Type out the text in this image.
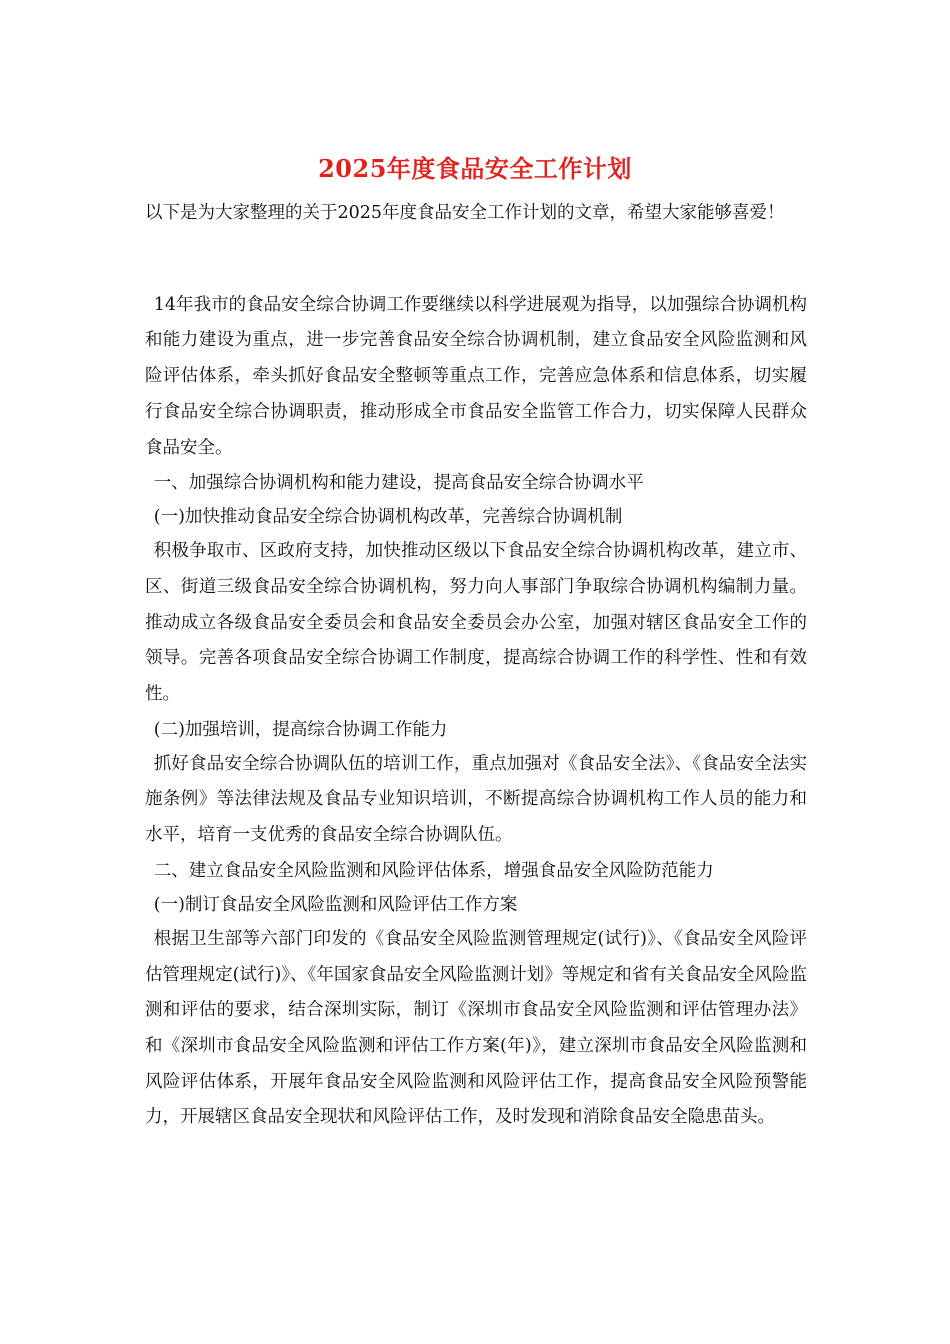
2025年度食品安全工作计划

以下是为大家整理的关于2025年度食品安全工作计划的文章，希望大家能够喜爱！

14年我市的食品安全综合协调工作要继续以科学进展观为指导，以加强综合协调机构和能力建设为重点，进一步完善食品安全综合协调机制，建立食品安全风险监测和风险评估体系，牵头抓好食品安全整顿等重点工作，完善应急体系和信息体系，切实履行食品安全综合协调职责，推动形成全市食品安全监管工作合力，切实保障人民群众食品安全。

一、加强综合协调机构和能力建设，提高食品安全综合协调水平

(一)加快推动食品安全综合协调机构改革，完善综合协调机制

积极争取市、区政府支持，加快推动区级以下食品安全综合协调机构改革，建立市、区、街道三级食品安全综合协调机构，努力向人事部门争取综合协调机构编制力量。推动成立各级食品安全委员会和食品安全委员会办公室，加强对辖区食品安全工作的领导。完善各项食品安全综合协调工作制度，提高综合协调工作的科学性、性和有效性。

(二)加强培训，提高综合协调工作能力

抓好食品安全综合协调队伍的培训工作，重点加强对《食品安全法》、《食品安全法实施条例》等法律法规及食品专业知识培训，不断提高综合协调机构工作人员的能力和水平，培育一支优秀的食品安全综合协调队伍。

二、建立食品安全风险监测和风险评估体系，增强食品安全风险防范能力

(一)制订食品安全风险监测和风险评估工作方案

根据卫生部等六部门印发的《食品安全风险监测管理规定(试行)》、《食品安全风险评估管理规定(试行)》、《年国家食品安全风险监测计划》等规定和省有关食品安全风险监测和评估的要求，结合深圳实际，制订《深圳市食品安全风险监测和评估管理办法》和《深圳市食品安全风险监测和评估工作方案(年)》，建立深圳市食品安全风险监测和风险评估体系，开展年食品安全风险监测和风险评估工作，提高食品安全风险预警能力，开展辖区食品安全现状和风险评估工作，及时发现和消除食品安全隐患苗头。
